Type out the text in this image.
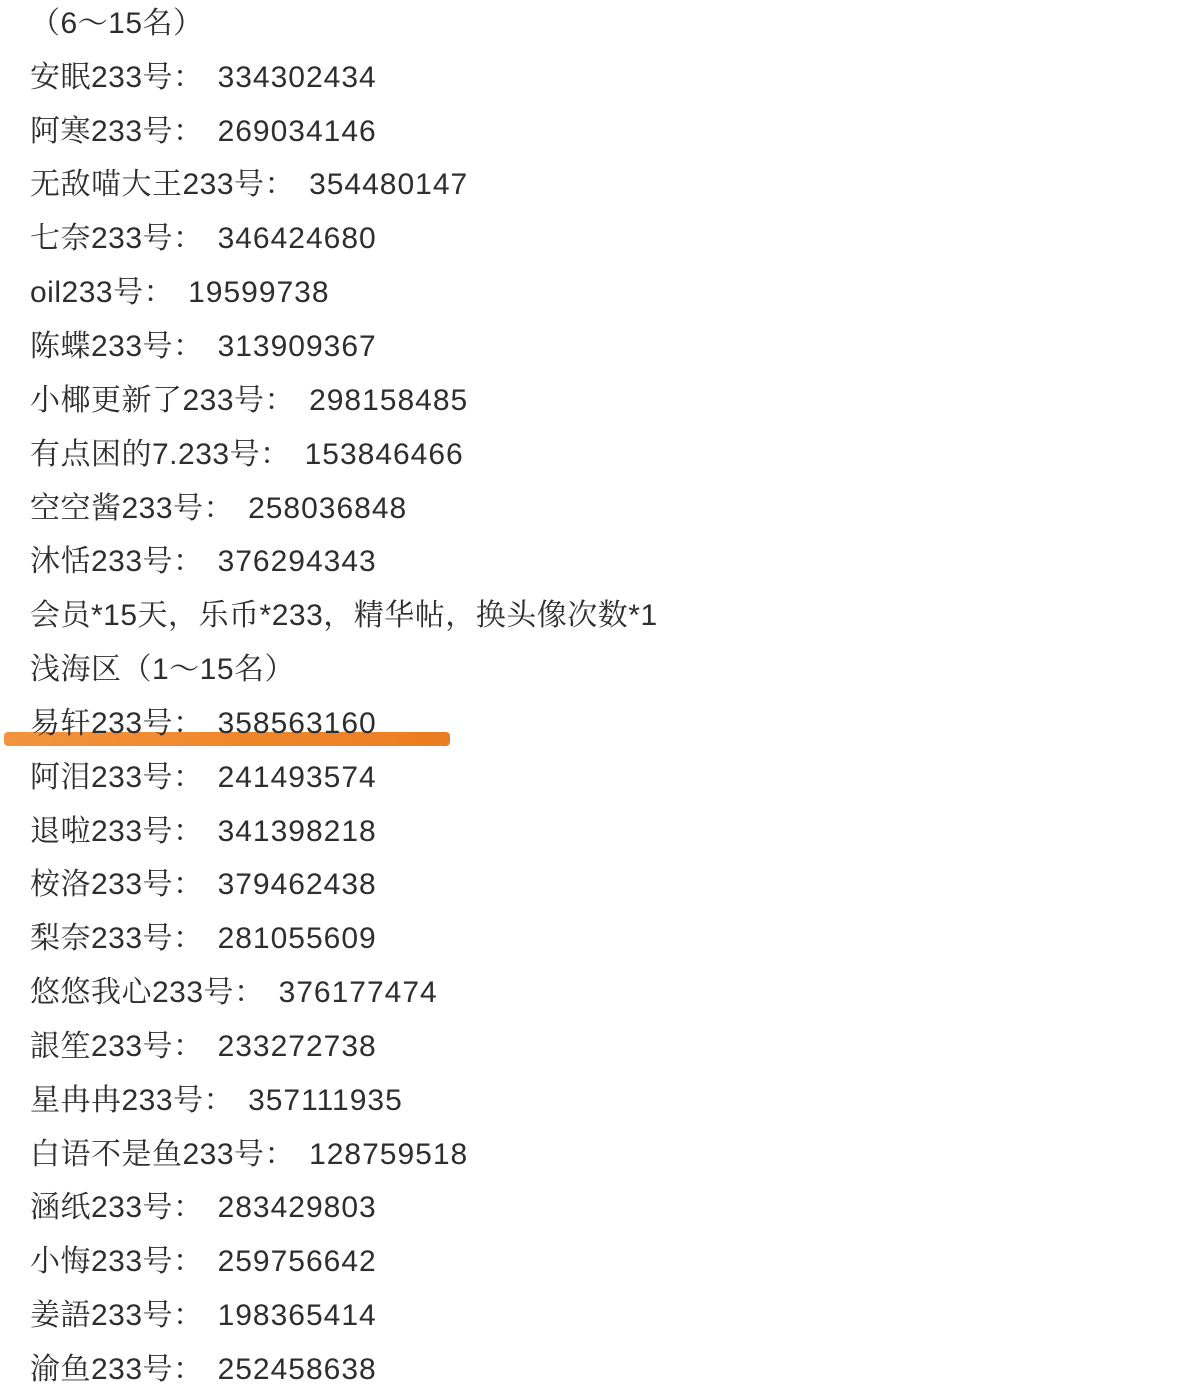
（6～15名）
安眠233号 ： 334302434
阿寒233号 ： 269034146
无敌喵大王233号 ： 354480147
七奈233号 ： 346424680
oil233号 ： 19599738
陈蝶233号 ： 313909367
小椰更新了233号 ： 298158485
有点困的7.233号 ： 153846466
空空酱233号 ： 258036848
沐恬233号 ： 376294343
会员*15天，乐币*233，精华帖，换头像次数*1
浅海区（1～15名）
易轩233号 ： 358563160
阿泪233号 ： 241493574
退啦233号 ： 341398218
桉洛233号 ： 379462438
梨奈233号 ： 281055609
悠悠我心233号 ： 376177474
詪笙233号 ： 233272738
星冉冉233号 ： 357111935
白语不是鱼233号 ： 128759518
涵纸233号 ： 283429803
小悔233号 ： 259756642
姜語233号 ： 198365414
渝鱼233号 ： 252458638
